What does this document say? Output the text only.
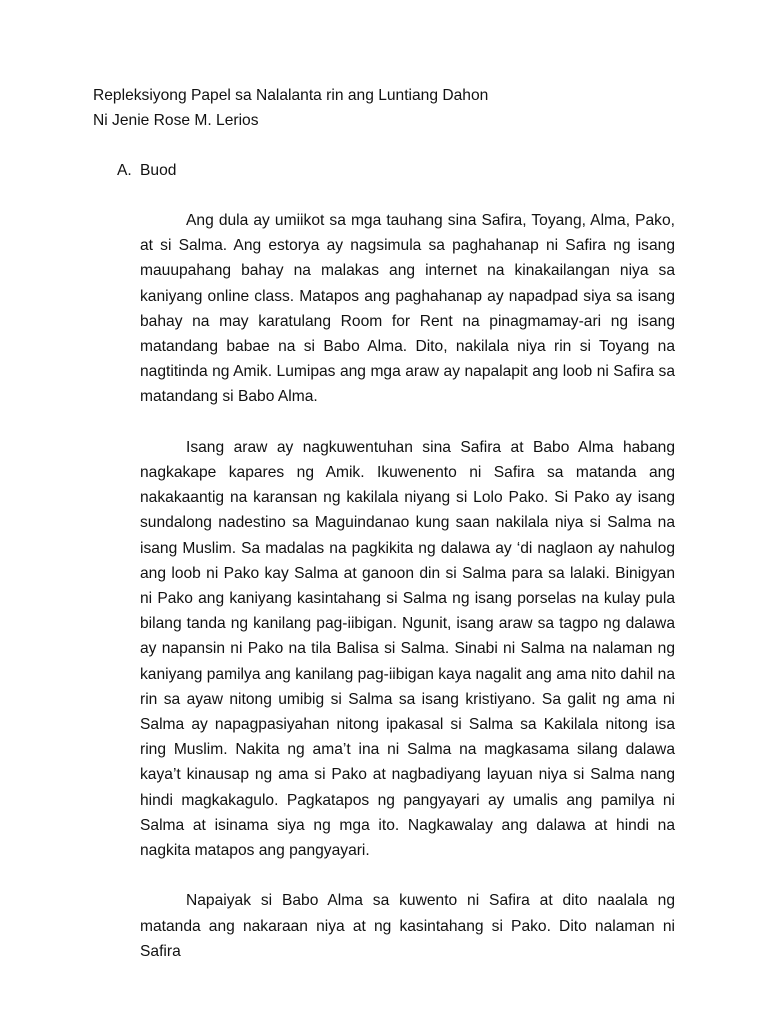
Repleksiyong Papel sa Nalalanta rin ang Luntiang Dahon
Ni Jenie Rose M. Lerios
A. Buod

Ang dula ay umiikot sa mga tauhang sina Safira, Toyang, Alma, Pako, at si Salma. Ang estorya ay nagsimula sa paghahanap ni Safira ng isang mauupahang bahay na malakas ang internet na kinakailangan niya sa kaniyang online class. Matapos ang paghahanap ay napadpad siya sa isang bahay na may karatulang Room for Rent na pinagmamay-ari ng isang matandang babae na si Babo Alma. Dito, nakilala niya rin si Toyang na nagtitinda ng Amik. Lumipas ang mga araw ay napalapit ang loob ni Safira sa matandang si Babo Alma.

Isang araw ay nagkuwentuhan sina Safira at Babo Alma habang nagkakape kapares ng Amik. Ikuwenento ni Safira sa matanda ang nakakaantig na karansan ng kakilala niyang si Lolo Pako. Si Pako ay isang sundalong nadestino sa Maguindanao kung saan nakilala niya si Salma na isang Muslim. Sa madalas na pagkikita ng dalawa ay ‘di naglaon ay nahulog ang loob ni Pako kay Salma at ganoon din si Salma para sa lalaki. Binigyan ni Pako ang kaniyang kasintahang si Salma ng isang porselas na kulay pula bilang tanda ng kanilang pag-iibigan. Ngunit, isang araw sa tagpo ng dalawa ay napansin ni Pako na tila Balisa si Salma. Sinabi ni Salma na nalaman ng kaniyang pamilya ang kanilang pag-iibigan kaya nagalit ang ama nito dahil na rin sa ayaw nitong umibig si Salma sa isang kristiyano. Sa galit ng ama ni Salma ay napagpasiyahan nitong ipakasal si Salma sa Kakilala nitong isa ring Muslim. Nakita ng ama’t ina ni Salma na magkasama silang dalawa kaya’t kinausap ng ama si Pako at nagbadiyang layuan niya si Salma nang hindi magkakagulo. Pagkatapos ng pangyayari ay umalis ang pamilya ni Salma at isinama siya ng mga ito. Nagkawalay ang dalawa at hindi na nagkita matapos ang pangyayari.

Napaiyak si Babo Alma sa kuwento ni Safira at dito naalala ng matanda ang nakaraan niya at ng kasintahang si Pako. Dito nalaman ni Safira
